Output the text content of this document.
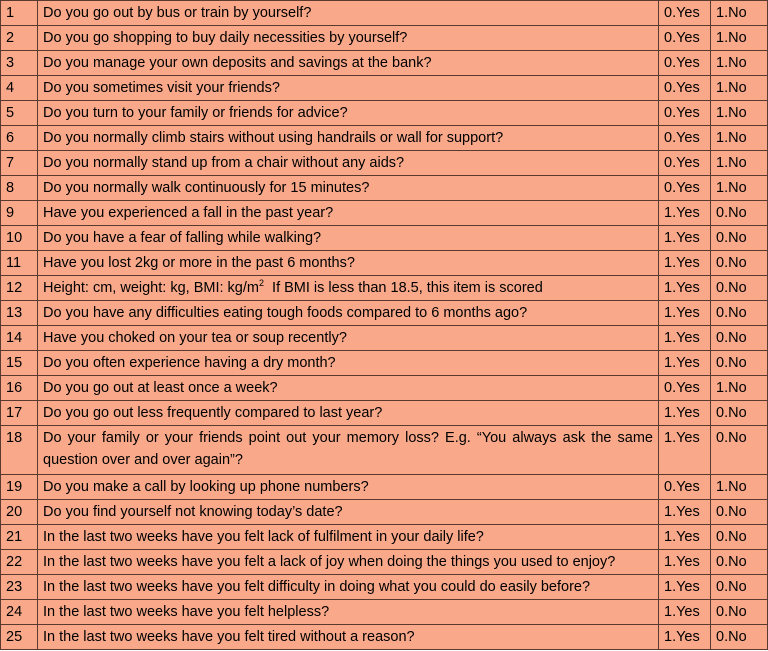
1	Do you go out by bus or train by yourself?	0.Yes	1.No
2	Do you go shopping to buy daily necessities by yourself?	0.Yes	1.No
3	Do you manage your own deposits and savings at the bank?	0.Yes	1.No
4	Do you sometimes visit your friends?	0.Yes	1.No
5	Do you turn to your family or friends for advice?	0.Yes	1.No
6	Do you normally climb stairs without using handrails or wall for support?	0.Yes	1.No
7	Do you normally stand up from a chair without any aids?	0.Yes	1.No
8	Do you normally walk continuously for 15 minutes?	0.Yes	1.No
9	Have you experienced a fall in the past year?	1.Yes	0.No
10	Do you have a fear of falling while walking?	1.Yes	0.No
11	Have you lost 2kg or more in the past 6 months?	1.Yes	0.No
12	Height: cm, weight: kg, BMI: $kg/m^2$  If BMI is less than 18.5, this item is scored	1.Yes	0.No
13	Do you have any difficulties eating tough foods compared to 6 months ago?	1.Yes	0.No
14	Have you choked on your tea or soup recently?	1.Yes	0.No
15	Do you often experience having a dry month?	1.Yes	0.No
16	Do you go out at least once a week?	0.Yes	1.No
17	Do you go out less frequently compared to last year?	1.Yes	0.No
18	Do your family or your friends point out your memory loss? E.g. “You always ask the same question over and over again”?	1.Yes	0.No
19	Do you make a call by looking up phone numbers?	0.Yes	1.No
20	Do you find yourself not knowing today’s date?	1.Yes	0.No
21	In the last two weeks have you felt lack of fulfilment in your daily life?	1.Yes	0.No
22	In the last two weeks have you felt a lack of joy when doing the things you used to enjoy?	1.Yes	0.No
23	In the last two weeks have you felt difficulty in doing what you could do easily before?	1.Yes	0.No
24	In the last two weeks have you felt helpless?	1.Yes	0.No
25	In the last two weeks have you felt tired without a reason?	1.Yes	0.No
